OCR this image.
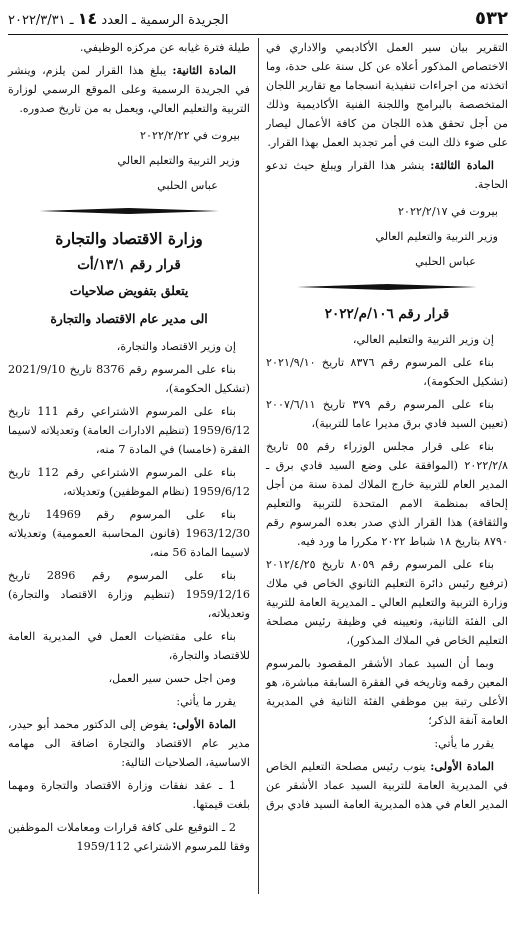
٥٣٢
الجريدة الرسمية ـ العدد ١٤ ـ ٢٠٢٢/٣/٣١

التقرير بيان سير العمل الأكاديمي والاداري في الاختصاص المذكور أعلاه عن كل سنة على حدة، وما اتخذته من اجراءات تنفيذية انسجاما مع تقارير اللجان المتخصصة بالبرامج واللجنة الفنية الأكاديمية وذلك من أجل تحقق هذه اللجان من كافة الأعمال ليصار على ضوء ذلك البت في أمر تجديد العمل بهذا القرار.

المادة الثالثة: ينشر هذا القرار ويبلغ حيث تدعو الحاجة.

بيروت في ٢٠٢٢/٢/١٧

وزير التربية والتعليم العالي

عباس الحلبي

قرار رقم ١٠٦/م/٢٠٢٢

إن وزير التربية والتعليم العالي،

بناء على المرسوم رقم ٨٣٧٦ تاريخ ٢٠٢١/٩/١٠ (تشكيل الحكومة)،

بناء على المرسوم رقم ٣٧٩ تاريخ ٢٠٠٧/٦/١١ (تعيين السيد فادي برق مديرا عاما للتربية)،

بناء على قرار مجلس الوزراء رقم ٥٥ تاريخ ٢٠٢٢/٢/٨ (الموافقة على وضع السيد فادي برق ـ المدير العام للتربية خارج الملاك لمدة سنة من أجل إلحاقه بمنظمة الامم المتحدة للتربية والتعليم والثقافة) هذا القرار الذي صدر بعده المرسوم رقم ٨٧٩٠ بتاريخ ١٨ شباط ٢٠٢٢ مكررا ما ورد فيه.

بناء على المرسوم رقم ٨٠٥٩ تاريخ ٢٠١٢/٤/٢٥ (ترفيع رئيس دائرة التعليم الثانوي الخاص في ملاك وزارة التربية والتعليم العالي ـ المديرية العامة للتربية الى الفئة الثانية، وتعيينه في وظيفة رئيس مصلحة التعليم الخاص في الملاك المذكور)،

وبما أن السيد عماد الأشقر المقصود بالمرسوم المعين رقمه وتاريخه في الفقرة السابقة مباشرة، هو الأعلى رتبة بين موظفي الفئة الثانية في المديرية العامة آنفة الذكر؛

يقرر ما يأتي:

المادة الأولى: ينوب رئيس مصلحة التعليم الخاص في المديرية العامة للتربية السيد عماد الأشقر عن المدير العام في هذه المديرية العامة السيد فادي برق

طيلة فترة غيابه عن مركزه الوظيفي.

المادة الثانية: يبلغ هذا القرار لمن يلزم، وينشر في الجريدة الرسمية وعلى الموقع الرسمي لوزارة التربية والتعليم العالي، ويعمل به من تاريخ صدوره.

بيروت في ٢٠٢٢/٢/٢٢

وزير التربية والتعليم العالي

عباس الحلبي

وزارة الاقتصاد والتجارة

قرار رقم ١٣/١/أت

يتعلق بتفويض صلاحيات

الى مدير عام الاقتصاد والتجارة

إن وزير الاقتصاد والتجارة،

بناء على المرسوم رقم 8376 تاريخ 2021/9/10 (تشكيل الحكومة)،

بناء على المرسوم الاشتراعي رقم 111 تاريخ 1959/6/12 (تنظيم الادارات العامة) وتعديلاته لاسيما الفقرة (خامسا) في المادة 7 منه،

بناء على المرسوم الاشتراعي رقم 112 تاريخ 1959/6/12 (نظام الموظفين) وتعديلاته،

بناء على المرسوم رقم 14969 تاريخ 1963/12/30 (قانون المحاسبة العمومية) وتعديلاته لاسيما المادة 56 منه،

بناء على المرسوم رقم 2896 تاريخ 1959/12/16 (تنظيم وزارة الاقتصاد والتجارة) وتعديلاته،

بناء على مقتضيات العمل في المديرية العامة للاقتصاد والتجارة،

ومن اجل حسن سير العمل،

يقرر ما يأتي:

المادة الأولى: يفوض إلى الدكتور محمد أبو حيدر، مدير عام الاقتصاد والتجارة اضافة الى مهامه الاساسية، الصلاحيات التالية:

1 ـ عقد نفقات وزارة الاقتصاد والتجارة ومهما بلغت قيمتها.

2 ـ التوقيع على كافة قرارات ومعاملات الموظفين وفقا للمرسوم الاشتراعي 1959/112
